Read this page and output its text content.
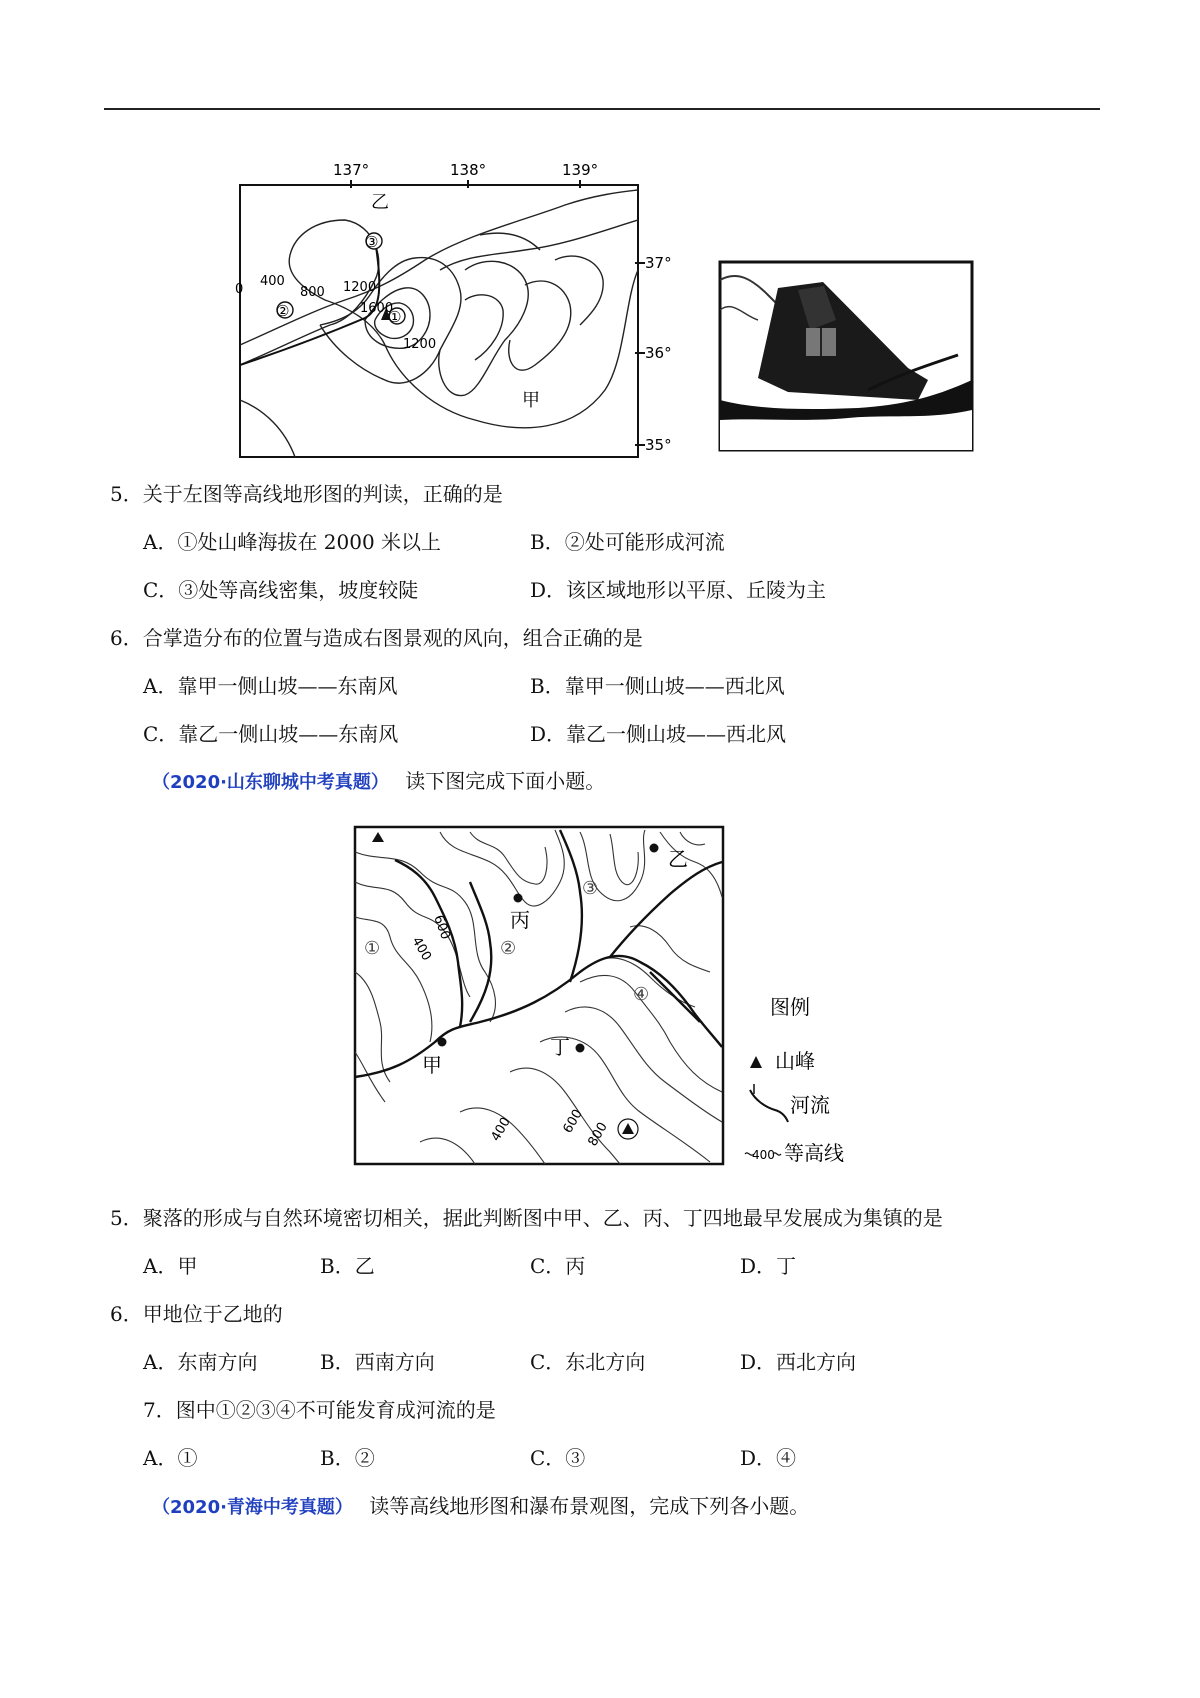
137°	138°	139°
37°
36°
35°
①
②
③
0
400
800 1200
1600
1200
乙
甲
5．关于左图等高线地形图的判读，正确的是
A．①处山峰海拔在 2000 米以上	B．②处可能形成河流
C．③处等高线密集，坡度较陡	D．该区域地形以平原、丘陵为主
6．合掌造分布的位置与造成右图景观的风向，组合正确的是
A．靠甲一侧山坡——东南风	B．靠甲一侧山坡——西北风
C．靠乙一侧山坡——东南风	D．靠乙一侧山坡——西北风
（2020·山东聊城中考真题） 读下图完成下面小题。
甲
乙
丙
丁
①	②
③
④
600
400
400	600 800
图例
山峰
河流
400 等高线
5．聚落的形成与自然环境密切相关，据此判断图中甲、乙、丙、丁四地最早发展成为集镇的是
A．甲	B．乙	C．丙	D．丁
6．甲地位于乙地的
A．东南方向	B．西南方向	C．东北方向	D．西北方向
7．图中①②③④不可能发育成河流的是
A．①	B．②	C．③	D．④
（2020·青海中考真题） 读等高线地形图和瀑布景观图，完成下列各小题。
